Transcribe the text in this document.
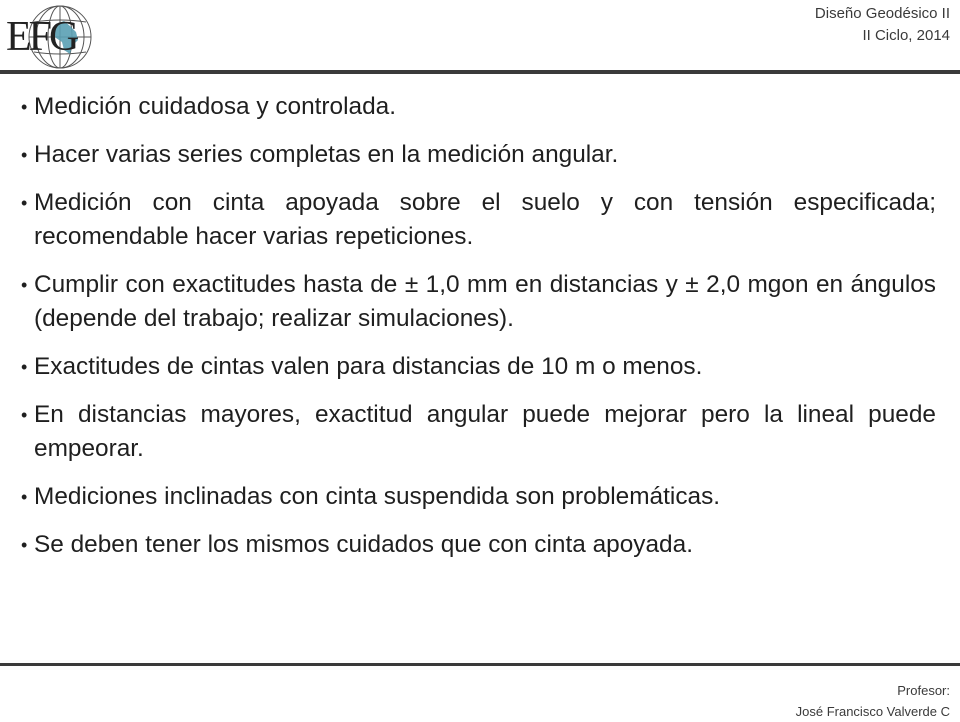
EFG
Diseño Geodésico II
II Ciclo, 2014
• Medición cuidadosa y controlada.
• Hacer varias series completas en la medición angular.
• Medición con cinta apoyada sobre el suelo y con tensión especificada; recomendable hacer varias repeticiones.
• Cumplir con exactitudes hasta de ± 1,0 mm en distancias y ± 2,0 mgon en ángulos (depende del trabajo; realizar simulaciones).
• Exactitudes de cintas valen para distancias de 10 m o menos.
• En distancias mayores, exactitud angular puede mejorar pero la lineal puede empeorar.
• Mediciones inclinadas con cinta suspendida son problemáticas.
• Se deben tener los mismos cuidados que con cinta apoyada.
Profesor:
José Francisco Valverde C
